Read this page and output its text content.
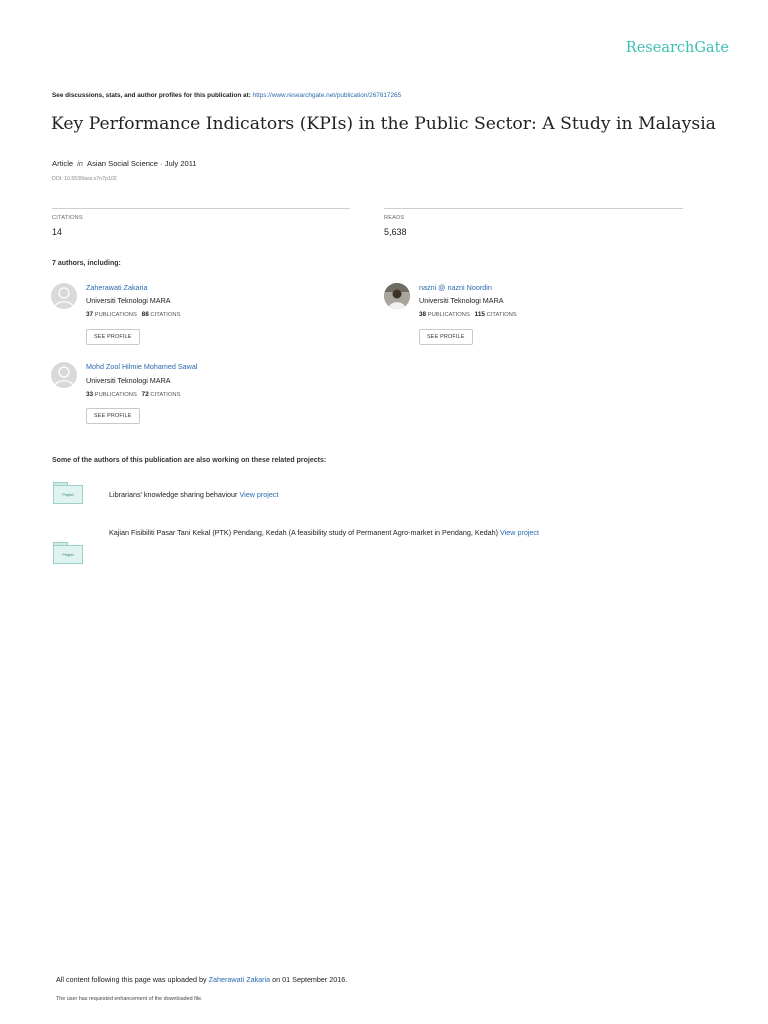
ResearchGate
See discussions, stats, and author profiles for this publication at: https://www.researchgate.net/publication/267817265
Key Performance Indicators (KPIs) in the Public Sector: A Study in Malaysia
Article in Asian Social Science · July 2011
DOI: 10.5539/ass.v7n7p102
CITATIONS
14
READS
5,638
7 authors, including:
Zaherawati Zakaria
Universiti Teknologi MARA
37 PUBLICATIONS 88 CITATIONS
SEE PROFILE
nazni @ nazni Noordin
Universiti Teknologi MARA
38 PUBLICATIONS 115 CITATIONS
SEE PROFILE
Mohd Zool Hilmie Mohamed Sawal
Universiti Teknologi MARA
33 PUBLICATIONS 72 CITATIONS
SEE PROFILE
Some of the authors of this publication are also working on these related projects:
Project	Librarians' knowledge sharing behaviour View project
Project
Kajian Fisibiliti Pasar Tani Kekal (PTK) Pendang, Kedah (A feasibility study of Permanent Agro-market in Pendang, Kedah) View project
All content following this page was uploaded by Zaherawati Zakaria on 01 September 2016.
The user has requested enhancement of the downloaded file.
